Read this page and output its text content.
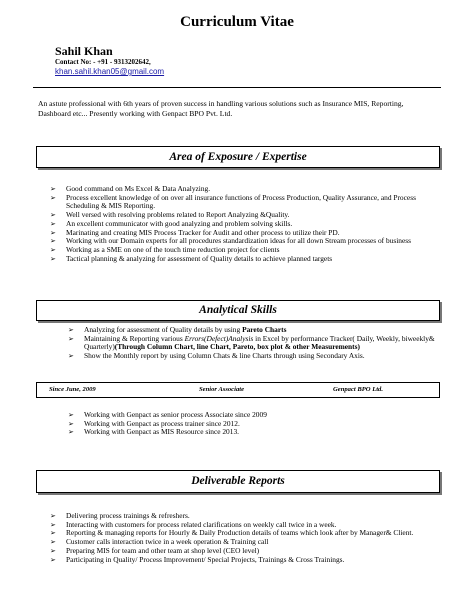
Curriculum Vitae
Sahil Khan
Contact No: - +91 - 9313202642,
khan.sahil.khan05@gmail.com
An astute professional with 6th years of proven success in handling various solutions such as Insurance MIS, Reporting, Dashboard etc... Presently working with Genpact BPO Pvt. Ltd.
Area of Exposure / Expertise
➢ Good command on Ms Excel & Data Analyzing.
➢ Process excellent knowledge of on over all insurance functions of Process Production, Quality Assurance, and Process Scheduling & MIS Reporting.
➢ Well versed with resolving problems related to Report Analyzing &Quality.
➢ An excellent communicator with good analyzing and problem solving skills.
➢ Marinating and creating MIS Process Tracker for Audit and other process to utilize their PD.
➢ Working with our Domain experts for all procedures standardization ideas for all down Stream processes of business
➢ Working as a SME on one of the touch time reduction project for clients
➢ Tactical planning & analyzing for assessment of Quality details to achieve planned targets
Analytical Skills
➢ Analyzing for assessment of Quality details by using Pareto Charts
➢ Maintaining & Reporting various Errors(Defect)Analysis in Excel by performance Tracker( Daily, Weekly, biweekly& Quarterly)(Through Column Chart, line Chart, Pareto, box plot & other Measurements)
➢ Show the Monthly report by using Column Chats & line Charts through using Secondary Axis.
Since June, 2009	Senior Associate	Genpact BPO Ltd.
➢ Working with Genpact as senior process Associate since 2009
➢ Working with Genpact as process trainer since 2012.
➢ Working with Genpact as MIS Resource since 2013.
Deliverable Reports
➢ Delivering process trainings & refreshers.
➢ Interacting with customers for process related clarifications on weekly call twice in a week.
➢ Reporting & managing reports for Hourly & Daily Production details of teams which look after by Manager& Client.
➢ Customer calls interaction twice in a week operation & Training call
➢ Preparing MIS for team and other team at shop level (CEO level)
➢ Participating in Quality/ Process Improvement/ Special Projects, Trainings & Cross Trainings.
